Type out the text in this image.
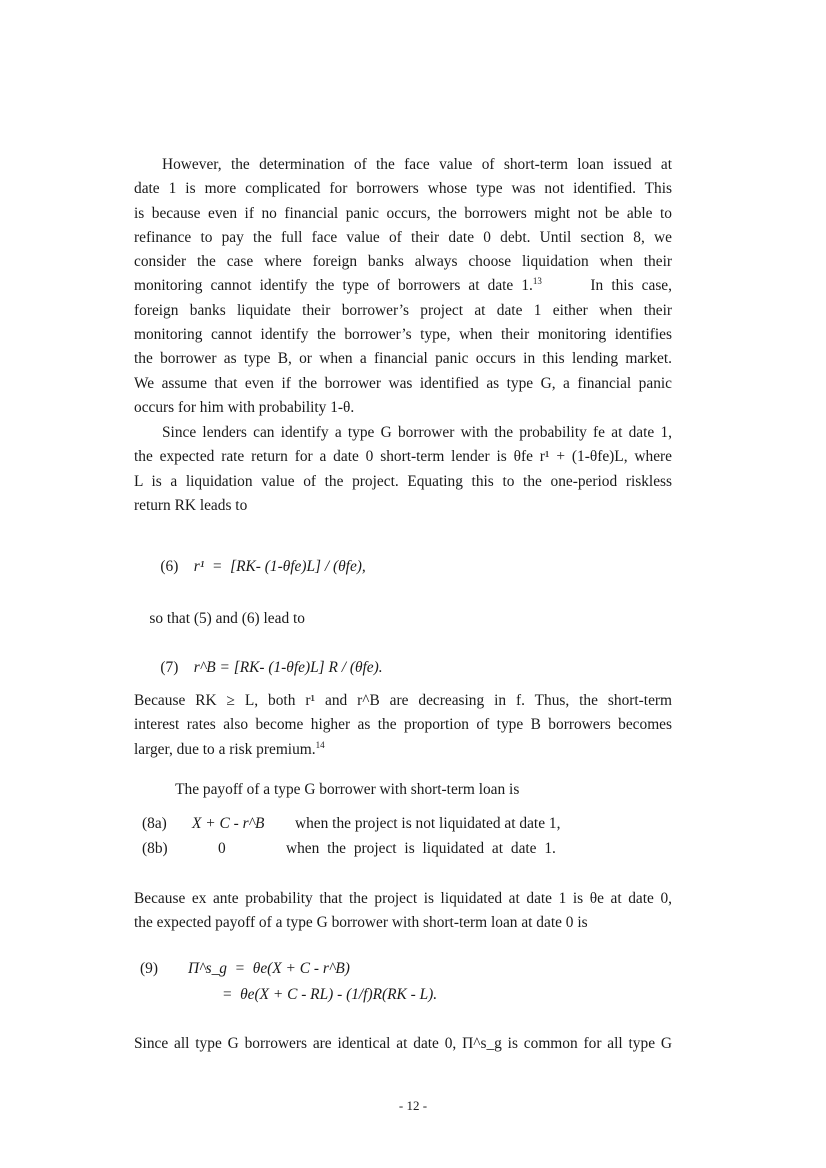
However, the determination of the face value of short-term loan issued at
date 1 is more complicated for borrowers whose type was not identified. This
is because even if no financial panic occurs, the borrowers might not be able to
refinance to pay the full face value of their date 0 debt. Until section 8, we
consider the case where foreign banks always choose liquidation when their
monitoring cannot identify the type of borrowers at date 1.13	In this case,
foreign banks liquidate their borrower’s project at date 1 either when their
monitoring cannot identify the borrower’s type, when their monitoring identifies
the borrower as type B, or when a financial panic occurs in this lending market.
We assume that even if the borrower was identified as type G, a financial panic
occurs for him with probability 1-θ.
Since lenders can identify a type G borrower with the probability fe at date 1,
the expected rate return for a date 0 short-term lender is θfe r¹ + (1-θfe)L, where
L is a liquidation value of the project. Equating this to the one-period riskless
return RK leads to

(6) r¹  =  [RK- (1-θfe)L] / (θfe),

so that (5) and (6) lead to

(7) r^B = [RK- (1-θfe)L] R / (θfe).

Because RK ≥ L, both r¹ and r^B are decreasing in f. Thus, the short-term
interest rates also become higher as the proportion of type B borrowers becomes
larger, due to a risk premium.$^{14}$

The payoff of a type G borrower with short-term loan is

(8a) X + C - r^B when the project is not liquidated at date 1,
(8b)	0	when the project is liquidated at date 1.
Because ex ante probability that the project is liquidated at date 1 is θe at date 0,
the expected payoff of a type G borrower with short-term loan at date 0 is
(9) Π^s_g  =  θe(X + C - r^B)
=  θe(X + C - RL) - (1/f)R(RK - L).
Since all type G borrowers are identical at date 0, Π^s_g is common for all type G
- 12 -
